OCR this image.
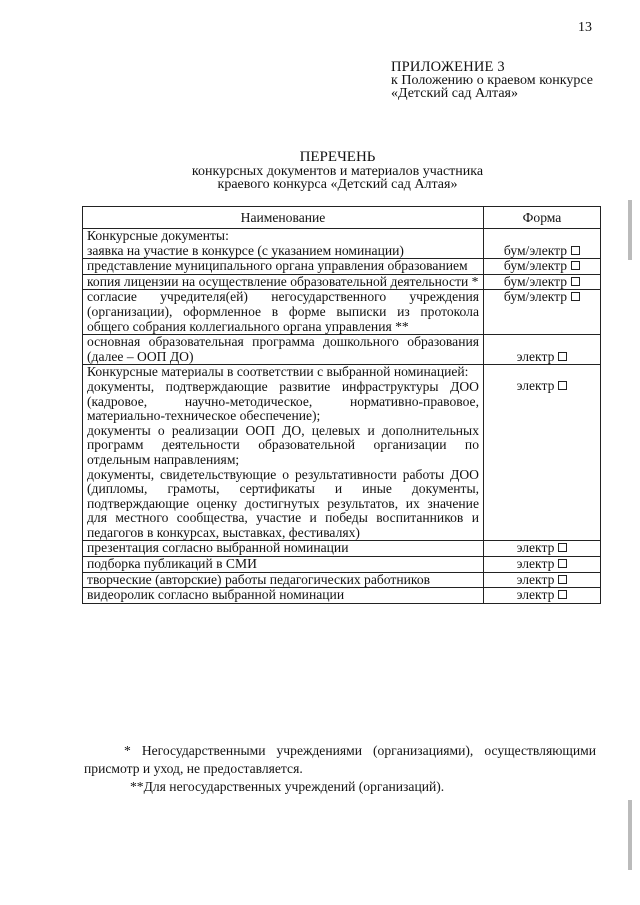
13
ПРИЛОЖЕНИЕ 3
к Положению о краевом конкурсе «Детский сад Алтая»
ПЕРЕЧЕНЬ
конкурсных документов и материалов участника
краевого конкурса «Детский сад Алтая»
Наименование	Форма

Конкурсные документы:
заявка на участие в конкурсе (с указанием номинации)	бум/электр

представление муниципального органа управления образованием	бум/электр

копия лицензии на осуществление образовательной деятельности *	бум/электр

согласие учредителя(ей) негосударственного учреждения (организации), оформленное в форме выписки из протокола общего собрания коллегиального органа управления **	бум/электр

основная образовательная программа дошкольного образования (далее – ООП ДО)	электр

Конкурсные материалы в соответствии с выбранной номинацией:
документы, подтверждающие развитие инфраструктуры ДОО (кадровое, научно-методическое, нормативно-правовое, материально-техническое обеспечение);
документы о реализации ООП ДО, целевых и дополнительных программ деятельности образовательной организации по отдельным направлениям;
документы, свидетельствующие о результативности работы ДОО (дипломы, грамоты, сертификаты и иные документы, подтверждающие оценку достигнутых результатов, их значение для местного сообщества, участие и победы воспитанников и педагогов в конкурсах, выставках, фестивалях)	электр

презентация согласно выбранной номинации	электр

подборка публикаций в СМИ	электр

творческие (авторские) работы педагогических работников	электр

видеоролик согласно выбранной номинации	электр

* Негосударственными учреждениями (организациями), осуществляющими присмотр и уход, не предоставляется.

**Для негосударственных учреждений (организаций).
